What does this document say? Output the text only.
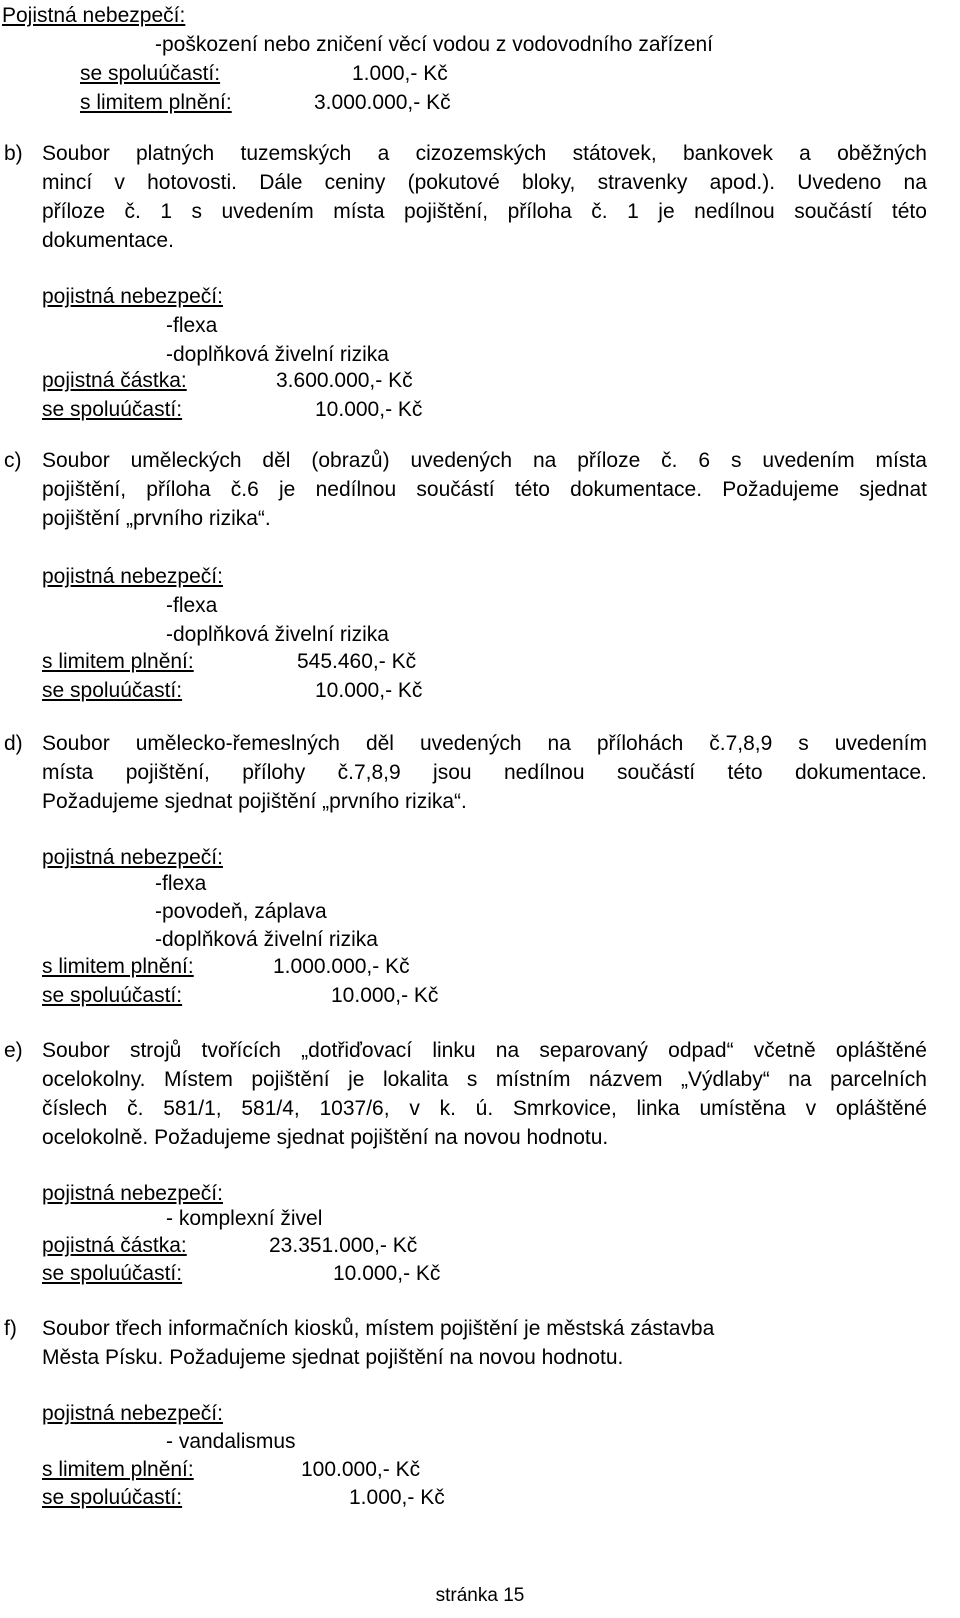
Pojistná nebezpečí:
-poškození nebo zničení věcí vodou z vodovodního zařízení
se spoluúčastí:	1.000,- Kč
s limitem plnění:	3.000.000,- Kč
b) Soubor platných tuzemských a cizozemských státovek, bankovek a oběžných
mincí v hotovosti. Dále ceniny (pokutové bloky, stravenky apod.). Uvedeno na
příloze č. 1 s uvedením místa pojištění, příloha č. 1 je nedílnou součástí této
dokumentace.
pojistná nebezpečí:
-flexa
-doplňková živelní rizika
pojistná částka:	3.600.000,- Kč
se spoluúčastí:	10.000,- Kč
c) Soubor uměleckých děl (obrazů) uvedených na příloze č. 6 s uvedením místa
pojištění, příloha č.6 je nedílnou součástí této dokumentace. Požadujeme sjednat
pojištění „prvního rizika“.
pojistná nebezpečí:
-flexa
-doplňková živelní rizika
s limitem plnění:	545.460,- Kč
se spoluúčastí:	10.000,- Kč
d) Soubor umělecko-řemeslných děl uvedených na přílohách č.7,8,9 s uvedením
místa pojištění, přílohy č.7,8,9 jsou nedílnou součástí této dokumentace.
Požadujeme sjednat pojištění „prvního rizika“.
pojistná nebezpečí:
-flexa
-povodeň, záplava
-doplňková živelní rizika
s limitem plnění:	1.000.000,- Kč
se spoluúčastí:	10.000,- Kč
e) Soubor strojů tvořících „dotřiďovací linku na separovaný odpad“ včetně opláštěné
ocelokolny. Místem pojištění je lokalita s místním názvem „Výdlaby“ na parcelních
číslech č. 581/1, 581/4, 1037/6, v k. ú. Smrkovice, linka umístěna v opláštěné
ocelokolně. Požadujeme sjednat pojištění na novou hodnotu.
pojistná nebezpečí:
- komplexní živel
pojistná částka:	23.351.000,- Kč
se spoluúčastí:	10.000,- Kč
f) Soubor třech informačních kiosků, místem pojištění je městská zástavba
Města Písku. Požadujeme sjednat pojištění na novou hodnotu.
pojistná nebezpečí:
- vandalismus
s limitem plnění:	100.000,- Kč
se spoluúčastí:	1.000,- Kč
stránka 15
